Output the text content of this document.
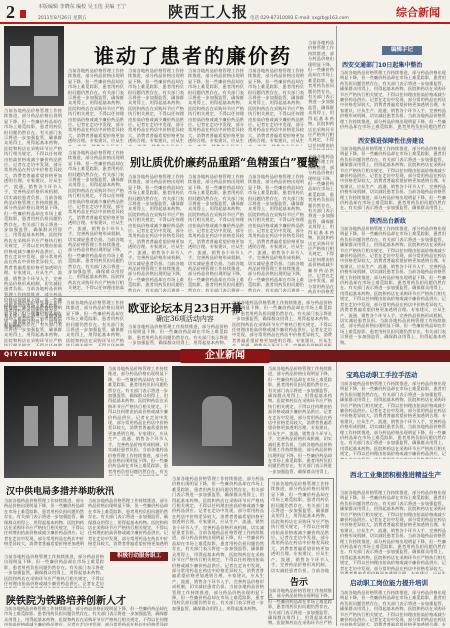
2	本版编辑 李晓东 编校 吴玉莲 美编 王宁	陕西工人报	综合新闻
电话 029-87310093 E-mail: sxgrb@163.com
2011年8月26日 星期五
谁动了患者的廉价药
当前各地药品价格管理工作持续推进，部分药品价格出现明显下降，但一些廉价药品却在市场上难觅踪影，患者用药负担问题仍然存在。有关部门表示将进一步加强监管，确保群众用得上、用得起基本药物。医院和药店在采购环节应严格执行相关规定，不得以任何理由抬高价格或减少廉价药品供应。记者在走访中发现，部分常用药品在药店中价格差异较大，消费者普遍希望价格更加透明合理。专家建议，应从生产、流通、销售各个环节入手，完善药品价格形成机制，切实减轻患者负担。当前各地药品价格管理工作持续推进，部分药品价格出现明显下降，但一些廉价药品却在市场上难觅踪影，患者用药负担问题仍然存在。有关部门表示将进一步加强监管，确保群众用得上、用得起基本药物。医院和药店在采购环节应严格执行相关规定，不得以任何理由抬高价格或减少廉价药品供应。记者在走访中发现，部分常用药品在药店中价格差异较大，消费者普遍希望价格更加透明合理。专家建议，应从生产、流通、销售各个环节入手，完善药品价格形成机制，切实减轻患者负担。当前各地药品价格管理工作持续推进，部分药品价格出现明显下降，但一些廉价药品却在市场上难觅踪影，患者用药负担问题仍然存在。有关部门表示将进一步加强监管，确保群众用得上、用得起基本药物。
当前各地药品价格管理工作持续推进，部分药品价格出现明显下降，但一些廉价药品却在市场上难觅踪影，患者用药负担问题仍然存在。有关部门表示将进一步加强监管，确保群众用得上、用得起基本药物。医院和药店在采购环节应严格执行相关规定，不得以任何理由抬高价格或减少廉价药品供应。记者在走访中发现，部分常用药品在药店中价格差异较大，消费者普遍希望价格更加透明合理。专家建议，应从生产、流通、销售各个环节入手，完善药品价格形成机制，切实减轻患者负担。当前各地药品价格管理工作持续推进，部分药品价格出现明显下降，但一些廉价药品却在市场上难觅踪影，患者用药负担问题仍然存在。有关部门表示将进一步加强监管，确保群众用得上、用得起基本药物。医院和药店在采购环节应严格执行相关规定，不得以任何理由抬高价格或减少廉价药品供应。记者在走访中发现，部分常用药品在药店中价格差异较大，消费者普遍希望价格更加透明合理。专家建议，应从生产、流通、销售各个环节入手，完善药品价格形成机制，切实减轻患者负担。当前各地药品价格管理工作持续推进，部分药品价格出现明显下降，但一些廉价药品却在市场上难觅踪影，患者用药负担问题仍然存在。有关部门表示将进一步加强监管，确保群众用得上、用得起基本药物。
当前各地药品价格管理工作持续推进，部分药品价格出现明显下降，但一些廉价药品却在市场上难觅踪影，患者用药负担问题仍然存在。有关部门表示将进一步加强监管，确保群众用得上、用得起基本药物。医院和药店在采购环节应严格执行相关规定，不得以任何理由抬高价格或减少廉价药品供应。记者在走访中发现，部分常用药品在药店中价格差异较大，消费者普遍希望价格更加透明合理。专家建议，应从生产、流通、销售各个环节入手，完善药品价格形成机制，切实减轻患者负担。当前各地药品价格管理工作持续推进，部分药品价格出现明显下降，但一些廉价药品却在市场上难觅踪影，患者用药负担问题仍然存在。有关部门表示将进一步加强监管，确保群众用得上、用得起基本药物。医院和药店在采购环节应严格执行相关规定，不得以任何理由抬高价格或减少廉价药品供应。记者在走访中发现，部分常用药品在药店中价格差异较大，消费者普遍希望价格更加透明合理。专家建议，应从生产、流通、销售各个环节入手，完善药品价格形成机制，切实减轻患者负担。当前各地药品价格管理工作持续推进，部分药品价格出现明显下降，但一些廉价药品却在市场上难觅踪影，患者用药负担问题仍然存在。有关部门表示将进一步加强监管，确保群众用得上、用得起基本药物。
当前各地药品价格管理工作持续推进，部分药品价格出现明显下降，但一些廉价药品却在市场上难觅踪影，患者用药负担问题仍然存在。有关部门表示将进一步加强监管，确保群众用得上、用得起基本药物。医院和药店在采购环节应严格执行相关规定，不得以任何理由抬高价格或减少廉价药品供应。记者在走访中发现，部分常用药品在药店中价格差异较大，消费者普遍希望价格更加透明合理。专家建议，应从生产、流通、销售各个环节入手，完善药品价格形成机制，切实减轻患者负担。当前各地药品价格管理工作持续推进，部分药品价格出现明显下降，但一些廉价药品却在市场上难觅踪影，患者用药负担问题仍然存在。有关部门表示将进一步加强监管，确保群众用得上、用得起基本药物。医院和药店在采购环节应严格执行相关规定，不得以任何理由抬高价格或减少廉价药品供应。记者在走访中发现，部分常用药品在药店中价格差异较大，消费者普遍希望价格更加透明合理。专家建议，应从生产、流通、销售各个环节入手，完善药品价格形成机制，切实减轻患者负担。当前各地药品价格管理工作持续推进，部分药品价格出现明显下降，但一些廉价药品却在市场上难觅踪影，患者用药负担问题仍然存在。有关部门表示将进一步加强监管，确保群众用得上、用得起基本药物。
当前各地药品价格管理工作持续推进，部分药品价格出现明显下降，但一些廉价药品却在市场上难觅踪影，患者用药负担问题仍然存在。有关部门表示将进一步加强监管，确保群众用得上、用得起基本药物。医院和药店在采购环节应严格执行相关规定，不得以任何理由抬高价格或减少廉价药品供应。记者在走访中发现，部分常用药品在药店中价格差异较大，消费者普遍希望价格更加透明合理。专家建议，应从生产、流通、销售各个环节入手，完善药品价格形成机制，切实减轻患者负担。当前各地药品价格管理工作持续推进，部分药品价格出现明显下降，但一些廉价药品却在市场上难觅踪影，患者用药负担问题仍然存在。有关部门表示将进一步加强监管，确保群众用得上、用得起基本药物。医院和药店在采购环节应严格执行相关规定，不得以任何理由抬高价格或减少廉价药品供应。记者在走访中发现，部分常用药品在药店中价格差异较大，消费者普遍希望价格更加透明合理。专家建议，应从生产、流通、销售各个环节入手，完善药品价格形成机制，切实减轻患者负担。当前各地药品价格管理工作持续推进，部分药品价格出现明显下降，但一些廉价药品却在市场上难觅踪影，患者用药负担问题仍然存在。有关部门表示将进一步加强监管，确保群众用得上、用得起基本药物。
当前各地药品价格管理工作持续推进，部分药品价格出现明显下降，但一些廉价药品却在市场上难觅踪影，患者用药负担问题仍然存在。有关部门表示将进一步加强监管，确保群众用得上、用得起基本药物。医院和药店在采购环节应严格执行相关规定，不得以任何理由抬高价格或减少廉价药品供应。记者在走访中发现，部分常用药品在药店中价格差异较大，消费者普遍希望价格更加透明合理。专家建议，应从生产、流通、销售各个环节入手，完善药品价格形成机制，切实减轻患者负担。当前各地药品价格管理工作持续推进，部分药品价格出现明显下降，但一些廉价药品却在市场上难觅踪影，患者用药负担问题仍然存在。有关部门表示将进一步加强监管，确保群众用得上、用得起基本药物。医院和药店在采购环节应严格执行相关规定，不得以任何理由抬高价格或减少廉价药品供应。记者在走访中发现，部分常用药品在药店中价格差异较大，消费者普遍希望价格更加透明合理。专家建议，应从生产、流通、销售各个环节入手，完善药品价格形成机制，切实减轻患者负担。当前各地药品价格管理工作持续推进，部分药品价格出现明显下降，但一些廉价药品却在市场上难觅踪影，患者用药负担问题仍然存在。有关部门表示将进一步加强监管，确保群众用得上、用得起基本药物。
别让质优价廉药品重蹈“鱼精蛋白”覆辙
当前各地药品价格管理工作持续推进，部分药品价格出现明显下降，但一些廉价药品却在市场上难觅踪影，患者用药负担问题仍然存在。有关部门表示将进一步加强监管，确保群众用得上、用得起基本药物。医院和药店在采购环节应严格执行相关规定，不得以任何理由抬高价格或减少廉价药品供应。记者在走访中发现，部分常用药品在药店中价格差异较大，消费者普遍希望价格更加透明合理。专家建议，应从生产、流通、销售各个环节入手，完善药品价格形成机制，切实减轻患者负担。当前各地药品价格管理工作持续推进，部分药品价格出现明显下降，但一些廉价药品却在市场上难觅踪影，患者用药负担问题仍然存在。有关部门表示将进一步加强监管，确保群众用得上、用得起基本药物。医院和药店在采购环节应严格执行相关规定，不得以任何理由抬高价格或减少廉价药品供应。记者在走访中发现，部分常用药品在药店中价格差异较大，消费者普遍希望价格更加透明合理。专家建议，应从生产、流通、销售各个环节入手，完善药品价格形成机制，切实减轻患者负担。当前各地药品价格管理工作持续推进，部分药品价格出现明显下降，但一些廉价药品却在市场上难觅踪影，患者用药负担问题仍然存在。有关部门表示将进一步加强监管，确保群众用得上、用得起基本药物。
当前各地药品价格管理工作持续推进，部分药品价格出现明显下降，但一些廉价药品却在市场上难觅踪影，患者用药负担问题仍然存在。有关部门表示将进一步加强监管，确保群众用得上、用得起基本药物。医院和药店在采购环节应严格执行相关规定，不得以任何理由抬高价格或减少廉价药品供应。记者在走访中发现，部分常用药品在药店中价格差异较大，消费者普遍希望价格更加透明合理。专家建议，应从生产、流通、销售各个环节入手，完善药品价格形成机制，切实减轻患者负担。当前各地药品价格管理工作持续推进，部分药品价格出现明显下降，但一些廉价药品却在市场上难觅踪影，患者用药负担问题仍然存在。有关部门表示将进一步加强监管，确保群众用得上、用得起基本药物。医院和药店在采购环节应严格执行相关规定，不得以任何理由抬高价格或减少廉价药品供应。记者在走访中发现，部分常用药品在药店中价格差异较大，消费者普遍希望价格更加透明合理。专家建议，应从生产、流通、销售各个环节入手，完善药品价格形成机制，切实减轻患者负担。当前各地药品价格管理工作持续推进，部分药品价格出现明显下降，但一些廉价药品却在市场上难觅踪影，患者用药负担问题仍然存在。有关部门表示将进一步加强监管，确保群众用得上、用得起基本药物。
当前各地药品价格管理工作持续推进，部分药品价格出现明显下降，但一些廉价药品却在市场上难觅踪影，患者用药负担问题仍然存在。有关部门表示将进一步加强监管，确保群众用得上、用得起基本药物。医院和药店在采购环节应严格执行相关规定，不得以任何理由抬高价格或减少廉价药品供应。记者在走访中发现，部分常用药品在药店中价格差异较大，消费者普遍希望价格更加透明合理。专家建议，应从生产、流通、销售各个环节入手，完善药品价格形成机制，切实减轻患者负担。当前各地药品价格管理工作持续推进，部分药品价格出现明显下降，但一些廉价药品却在市场上难觅踪影，患者用药负担问题仍然存在。有关部门表示将进一步加强监管，确保群众用得上、用得起基本药物。医院和药店在采购环节应严格执行相关规定，不得以任何理由抬高价格或减少廉价药品供应。记者在走访中发现，部分常用药品在药店中价格差异较大，消费者普遍希望价格更加透明合理。专家建议，应从生产、流通、销售各个环节入手，完善药品价格形成机制，切实减轻患者负担。当前各地药品价格管理工作持续推进，部分药品价格出现明显下降，但一些廉价药品却在市场上难觅踪影，患者用药负担问题仍然存在。有关部门表示将进一步加强监管，确保群众用得上、用得起基本药物。
当前各地药品价格管理工作持续推进，部分药品价格出现明显下降，但一些廉价药品却在市场上难觅踪影，患者用药负担问题仍然存在。有关部门表示将进一步加强监管，确保群众用得上、用得起基本药物。医院和药店在采购环节应严格执行相关规定，不得以任何理由抬高价格或减少廉价药品供应。记者在走访中发现，部分常用药品在药店中价格差异较大，消费者普遍希望价格更加透明合理。专家建议，应从生产、流通、销售各个环节入手，完善药品价格形成机制，切实减轻患者负担。当前各地药品价格管理工作持续推进，部分药品价格出现明显下降，但一些廉价药品却在市场上难觅踪影，患者用药负担问题仍然存在。有关部门表示将进一步加强监管，确保群众用得上、用得起基本药物。医院和药店在采购环节应严格执行相关规定，不得以任何理由抬高价格或减少廉价药品供应。记者在走访中发现，部分常用药品在药店中价格差异较大，消费者普遍希望价格更加透明合理。专家建议，应从生产、流通、销售各个环节入手，完善药品价格形成机制，切实减轻患者负担。当前各地药品价格管理工作持续推进，部分药品价格出现明显下降，但一些廉价药品却在市场上难觅踪影，患者用药负担问题仍然存在。有关部门表示将进一步加强监管，确保群众用得上、用得起基本药物。
当前各地药品价格管理工作持续推进，部分药品价格出现明显下降，但一些廉价药品却在市场上难觅踪影，患者用药负担问题仍然存在。有关部门表示将进一步加强监管，确保群众用得上、用得起基本药物。医院和药店在采购环节应严格执行相关规定，不得以任何理由抬高价格或减少廉价药品供应。记者在走访中发现，部分常用药品在药店中价格差异较大，消费者普遍希望价格更加透明合理。专家建议，应从生产、流通、销售各个环节入手，完善药品价格形成机制，切实减轻患者负担。当前各地药品价格管理工作持续推进，部分药品价格出现明显下降，但一些廉价药品却在市场上难觅踪影，患者用药负担问题仍然存在。有关部门表示将进一步加强监管，确保群众用得上、用得起基本药物。医院和药店在采购环节应严格执行相关规定，不得以任何理由抬高价格或减少廉价药品供应。记者在走访中发现，部分常用药品在药店中价格差异较大，消费者普遍希望价格更加透明合理。专家建议，应从生产、流通、销售各个环节入手，完善药品价格形成机制，切实减轻患者负担。当前各地药品价格管理工作持续推进，部分药品价格出现明显下降，但一些廉价药品却在市场上难觅踪影，患者用药负担问题仍然存在。有关部门表示将进一步加强监管，确保群众用得上、用得起基本药物。
欧亚论坛本月23日开幕
确定36项活动内容
当前各地药品价格管理工作持续推进，部分药品价格出现明显下降，但一些廉价药品却在市场上难觅踪影，患者用药负担问题仍然存在。有关部门表示将进一步加强监管，确保群众用得上、用得起基本药物。医院和药店在采购环节应严格执行相关规定，不得以任何理由抬高价格或减少廉价药品供应。记者在走访中发现，部分常用药品在药店中价格差异较大，消费者普遍希望价格更加透明合理。专家建议，应从生产、流通、销售各个环节入手，完善药品价格形成机制，切实减轻患者负担。当前各地药品价格管理工作持续推进，部分药品价格出现明显下降，但一些廉价药品却在市场上难觅踪影，患者用药负担问题仍然存在。有关部门表示将进一步加强监管，确保群众用得上、用得起基本药物。医院和药店在采购环节应严格执行相关规定，不得以任何理由抬高价格或减少廉价药品供应。记者在走访中发现，部分常用药品在药店中价格差异较大，消费者普遍希望价格更加透明合理。专家建议，应从生产、流通、销售各个环节入手，完善药品价格形成机制，切实减轻患者负担。当前各地药品价格管理工作持续推进，部分药品价格出现明显下降，但一些廉价药品却在市场上难觅踪影，患者用药负担问题仍然存在。有关部门表示将进一步加强监管，确保群众用得上、用得起基本药物。
当前各地药品价格管理工作持续推进，部分药品价格出现明显下降，但一些廉价药品却在市场上难觅踪影，患者用药负担问题仍然存在。有关部门表示将进一步加强监管，确保群众用得上、用得起基本药物。医院和药店在采购环节应严格执行相关规定，不得以任何理由抬高价格或减少廉价药品供应。记者在走访中发现，部分常用药品在药店中价格差异较大，消费者普遍希望价格更加透明合理。专家建议，应从生产、流通、销售各个环节入手，完善药品价格形成机制，切实减轻患者负担。当前各地药品价格管理工作持续推进，部分药品价格出现明显下降，但一些廉价药品却在市场上难觅踪影，患者用药负担问题仍然存在。有关部门表示将进一步加强监管，确保群众用得上、用得起基本药物。医院和药店在采购环节应严格执行相关规定，不得以任何理由抬高价格或减少廉价药品供应。记者在走访中发现，部分常用药品在药店中价格差异较大，消费者普遍希望价格更加透明合理。专家建议，应从生产、流通、销售各个环节入手，完善药品价格形成机制，切实减轻患者负担。当前各地药品价格管理工作持续推进，部分药品价格出现明显下降，但一些廉价药品却在市场上难觅踪影，患者用药负担问题仍然存在。有关部门表示将进一步加强监管，确保群众用得上、用得起基本药物。
当前各地药品价格管理工作持续推进，部分药品价格出现明显下降，但一些廉价药品却在市场上难觅踪影，患者用药负担问题仍然存在。有关部门表示将进一步加强监管，确保群众用得上、用得起基本药物。医院和药店在采购环节应严格执行相关规定，不得以任何理由抬高价格或减少廉价药品供应。记者在走访中发现，部分常用药品在药店中价格差异较大，消费者普遍希望价格更加透明合理。专家建议，应从生产、流通、销售各个环节入手，完善药品价格形成机制，切实减轻患者负担。当前各地药品价格管理工作持续推进，部分药品价格出现明显下降，但一些廉价药品却在市场上难觅踪影，患者用药负担问题仍然存在。有关部门表示将进一步加强监管，确保群众用得上、用得起基本药物。医院和药店在采购环节应严格执行相关规定，不得以任何理由抬高价格或减少廉价药品供应。记者在走访中发现，部分常用药品在药店中价格差异较大，消费者普遍希望价格更加透明合理。专家建议，应从生产、流通、销售各个环节入手，完善药品价格形成机制，切实减轻患者负担。当前各地药品价格管理工作持续推进，部分药品价格出现明显下降，但一些廉价药品却在市场上难觅踪影，患者用药负担问题仍然存在。有关部门表示将进一步加强监管，确保群众用得上、用得起基本药物。
当前各地药品价格管理工作持续推进，部分药品价格出现明显下降，但一些廉价药品却在市场上难觅踪影，患者用药负担问题仍然存在。有关部门表示将进一步加强监管，确保群众用得上、用得起基本药物。医院和药店在采购环节应严格执行相关规定，不得以任何理由抬高价格或减少廉价药品供应。记者在走访中发现，部分常用药品在药店中价格差异较大，消费者普遍希望价格更加透明合理。专家建议，应从生产、流通、销售各个环节入手，完善药品价格形成机制，切实减轻患者负担。当前各地药品价格管理工作持续推进，部分药品价格出现明显下降，但一些廉价药品却在市场上难觅踪影，患者用药负担问题仍然存在。有关部门表示将进一步加强监管，确保群众用得上、用得起基本药物。医院和药店在采购环节应严格执行相关规定，不得以任何理由抬高价格或减少廉价药品供应。记者在走访中发现，部分常用药品在药店中价格差异较大，消费者普遍希望价格更加透明合理。专家建议，应从生产、流通、销售各个环节入手，完善药品价格形成机制，切实减轻患者负担。当前各地药品价格管理工作持续推进，部分药品价格出现明显下降，但一些廉价药品却在市场上难觅踪影，患者用药负担问题仍然存在。有关部门表示将进一步加强监管，确保群众用得上、用得起基本药物。
编辑手记
西安交通部门10日起集中整治
当前各地药品价格管理工作持续推进，部分药品价格出现明显下降，但一些廉价药品却在市场上难觅踪影，患者用药负担问题仍然存在。有关部门表示将进一步加强监管，确保群众用得上、用得起基本药物。医院和药店在采购环节应严格执行相关规定，不得以任何理由抬高价格或减少廉价药品供应。记者在走访中发现，部分常用药品在药店中价格差异较大，消费者普遍希望价格更加透明合理。专家建议，应从生产、流通、销售各个环节入手，完善药品价格形成机制，切实减轻患者负担。当前各地药品价格管理工作持续推进，部分药品价格出现明显下降，但一些廉价药品却在市场上难觅踪影，患者用药负担问题仍然存在。有关部门表示将进一步加强监管，确保群众用得上、用得起基本药物。医院和药店在采购环节应严格执行相关规定，不得以任何理由抬高价格或减少廉价药品供应。记者在走访中发现，部分常用药品在药店中价格差异较大，消费者普遍希望价格更加透明合理。专家建议，应从生产、流通、销售各个环节入手，完善药品价格形成机制，切实减轻患者负担。当前各地药品价格管理工作持续推进，部分药品价格出现明显下降，但一些廉价药品却在市场上难觅踪影，患者用药负担问题仍然存在。有关部门表示将进一步加强监管，确保群众用得上、用得起基本药物。
西安推进保障性住房建设
当前各地药品价格管理工作持续推进，部分药品价格出现明显下降，但一些廉价药品却在市场上难觅踪影，患者用药负担问题仍然存在。有关部门表示将进一步加强监管，确保群众用得上、用得起基本药物。医院和药店在采购环节应严格执行相关规定，不得以任何理由抬高价格或减少廉价药品供应。记者在走访中发现，部分常用药品在药店中价格差异较大，消费者普遍希望价格更加透明合理。专家建议，应从生产、流通、销售各个环节入手，完善药品价格形成机制，切实减轻患者负担。当前各地药品价格管理工作持续推进，部分药品价格出现明显下降，但一些廉价药品却在市场上难觅踪影，患者用药负担问题仍然存在。有关部门表示将进一步加强监管，确保群众用得上、用得起基本药物。医院和药店在采购环节应严格执行相关规定，不得以任何理由抬高价格或减少廉价药品供应。记者在走访中发现，部分常用药品在药店中价格差异较大，消费者普遍希望价格更加透明合理。专家建议，应从生产、流通、销售各个环节入手，完善药品价格形成机制，切实减轻患者负担。当前各地药品价格管理工作持续推进，部分药品价格出现明显下降，但一些廉价药品却在市场上难觅踪影，患者用药负担问题仍然存在。有关部门表示将进一步加强监管，确保群众用得上、用得起基本药物。
陕西出台新政
当前各地药品价格管理工作持续推进，部分药品价格出现明显下降，但一些廉价药品却在市场上难觅踪影，患者用药负担问题仍然存在。有关部门表示将进一步加强监管，确保群众用得上、用得起基本药物。医院和药店在采购环节应严格执行相关规定，不得以任何理由抬高价格或减少廉价药品供应。记者在走访中发现，部分常用药品在药店中价格差异较大，消费者普遍希望价格更加透明合理。专家建议，应从生产、流通、销售各个环节入手，完善药品价格形成机制，切实减轻患者负担。当前各地药品价格管理工作持续推进，部分药品价格出现明显下降，但一些廉价药品却在市场上难觅踪影，患者用药负担问题仍然存在。有关部门表示将进一步加强监管，确保群众用得上、用得起基本药物。医院和药店在采购环节应严格执行相关规定，不得以任何理由抬高价格或减少廉价药品供应。记者在走访中发现，部分常用药品在药店中价格差异较大，消费者普遍希望价格更加透明合理。专家建议，应从生产、流通、销售各个环节入手，完善药品价格形成机制，切实减轻患者负担。当前各地药品价格管理工作持续推进，部分药品价格出现明显下降，但一些廉价药品却在市场上难觅踪影，患者用药负担问题仍然存在。有关部门表示将进一步加强监管，确保群众用得上、用得起基本药物。
QIYEXINWEN	企业新闻
当前各地药品价格管理工作持续推进，部分药品价格出现明显下降，但一些廉价药品却在市场上难觅踪影，患者用药负担问题仍然存在。有关部门表示将进一步加强监管，确保群众用得上、用得起基本药物。医院和药店在采购环节应严格执行相关规定，不得以任何理由抬高价格或减少廉价药品供应。记者在走访中发现，部分常用药品在药店中价格差异较大，消费者普遍希望价格更加透明合理。专家建议，应从生产、流通、销售各个环节入手，完善药品价格形成机制，切实减轻患者负担。当前各地药品价格管理工作持续推进，部分药品价格出现明显下降，但一些廉价药品却在市场上难觅踪影，患者用药负担问题仍然存在。有关部门表示将进一步加强监管，确保群众用得上、用得起基本药物。医院和药店在采购环节应严格执行相关规定，不得以任何理由抬高价格或减少廉价药品供应。记者在走访中发现，部分常用药品在药店中价格差异较大，消费者普遍希望价格更加透明合理。专家建议，应从生产、流通、销售各个环节入手，完善药品价格形成机制，切实减轻患者负担。当前各地药品价格管理工作持续推进，部分药品价格出现明显下降，但一些廉价药品却在市场上难觅踪影，患者用药负担问题仍然存在。有关部门表示将进一步加强监管，确保群众用得上、用得起基本药物。
当前各地药品价格管理工作持续推进，部分药品价格出现明显下降，但一些廉价药品却在市场上难觅踪影，患者用药负担问题仍然存在。有关部门表示将进一步加强监管，确保群众用得上、用得起基本药物。医院和药店在采购环节应严格执行相关规定，不得以任何理由抬高价格或减少廉价药品供应。记者在走访中发现，部分常用药品在药店中价格差异较大，消费者普遍希望价格更加透明合理。专家建议，应从生产、流通、销售各个环节入手，完善药品价格形成机制，切实减轻患者负担。当前各地药品价格管理工作持续推进，部分药品价格出现明显下降，但一些廉价药品却在市场上难觅踪影，患者用药负担问题仍然存在。有关部门表示将进一步加强监管，确保群众用得上、用得起基本药物。医院和药店在采购环节应严格执行相关规定，不得以任何理由抬高价格或减少廉价药品供应。记者在走访中发现，部分常用药品在药店中价格差异较大，消费者普遍希望价格更加透明合理。专家建议，应从生产、流通、销售各个环节入手，完善药品价格形成机制，切实减轻患者负担。当前各地药品价格管理工作持续推进，部分药品价格出现明显下降，但一些廉价药品却在市场上难觅踪影，患者用药负担问题仍然存在。有关部门表示将进一步加强监管，确保群众用得上、用得起基本药物。
汉中供电局多措并举助秋汛
当前各地药品价格管理工作持续推进，部分药品价格出现明显下降，但一些廉价药品却在市场上难觅踪影，患者用药负担问题仍然存在。有关部门表示将进一步加强监管，确保群众用得上、用得起基本药物。医院和药店在采购环节应严格执行相关规定，不得以任何理由抬高价格或减少廉价药品供应。记者在走访中发现，部分常用药品在药店中价格差异较大，消费者普遍希望价格更加透明合理。专家建议，应从生产、流通、销售各个环节入手，完善药品价格形成机制，切实减轻患者负担。当前各地药品价格管理工作持续推进，部分药品价格出现明显下降，但一些廉价药品却在市场上难觅踪影，患者用药负担问题仍然存在。有关部门表示将进一步加强监管，确保群众用得上、用得起基本药物。医院和药店在采购环节应严格执行相关规定，不得以任何理由抬高价格或减少廉价药品供应。记者在走访中发现，部分常用药品在药店中价格差异较大，消费者普遍希望价格更加透明合理。专家建议，应从生产、流通、销售各个环节入手，完善药品价格形成机制，切实减轻患者负担。当前各地药品价格管理工作持续推进，部分药品价格出现明显下降，但一些廉价药品却在市场上难觅踪影，患者用药负担问题仍然存在。有关部门表示将进一步加强监管，确保群众用得上、用得起基本药物。
当前各地药品价格管理工作持续推进，部分药品价格出现明显下降，但一些廉价药品却在市场上难觅踪影，患者用药负担问题仍然存在。有关部门表示将进一步加强监管，确保群众用得上、用得起基本药物。医院和药店在采购环节应严格执行相关规定，不得以任何理由抬高价格或减少廉价药品供应。记者在走访中发现，部分常用药品在药店中价格差异较大，消费者普遍希望价格更加透明合理。专家建议，应从生产、流通、销售各个环节入手，完善药品价格形成机制，切实减轻患者负担。当前各地药品价格管理工作持续推进，部分药品价格出现明显下降，但一些廉价药品却在市场上难觅踪影，患者用药负担问题仍然存在。有关部门表示将进一步加强监管，确保群众用得上、用得起基本药物。医院和药店在采购环节应严格执行相关规定，不得以任何理由抬高价格或减少廉价药品供应。记者在走访中发现，部分常用药品在药店中价格差异较大，消费者普遍希望价格更加透明合理。专家建议，应从生产、流通、销售各个环节入手，完善药品价格形成机制，切实减轻患者负担。当前各地药品价格管理工作持续推进，部分药品价格出现明显下降，但一些廉价药品却在市场上难觅踪影，患者用药负担问题仍然存在。有关部门表示将进一步加强监管，确保群众用得上、用得起基本药物。
积极行动服务职工
当前各地药品价格管理工作持续推进，部分药品价格出现明显下降，但一些廉价药品却在市场上难觅踪影，患者用药负担问题仍然存在。有关部门表示将进一步加强监管，确保群众用得上、用得起基本药物。医院和药店在采购环节应严格执行相关规定，不得以任何理由抬高价格或减少廉价药品供应。记者在走访中发现，部分常用药品在药店中价格差异较大，消费者普遍希望价格更加透明合理。专家建议，应从生产、流通、销售各个环节入手，完善药品价格形成机制，切实减轻患者负担。当前各地药品价格管理工作持续推进，部分药品价格出现明显下降，但一些廉价药品却在市场上难觅踪影，患者用药负担问题仍然存在。有关部门表示将进一步加强监管，确保群众用得上、用得起基本药物。医院和药店在采购环节应严格执行相关规定，不得以任何理由抬高价格或减少廉价药品供应。记者在走访中发现，部分常用药品在药店中价格差异较大，消费者普遍希望价格更加透明合理。专家建议，应从生产、流通、销售各个环节入手，完善药品价格形成机制，切实减轻患者负担。当前各地药品价格管理工作持续推进，部分药品价格出现明显下降，但一些廉价药品却在市场上难觅踪影，患者用药负担问题仍然存在。有关部门表示将进一步加强监管，确保群众用得上、用得起基本药物。
陕铁院为铁路培养创新人才
当前各地药品价格管理工作持续推进，部分药品价格出现明显下降，但一些廉价药品却在市场上难觅踪影，患者用药负担问题仍然存在。有关部门表示将进一步加强监管，确保群众用得上、用得起基本药物。医院和药店在采购环节应严格执行相关规定，不得以任何理由抬高价格或减少廉价药品供应。记者在走访中发现，部分常用药品在药店中价格差异较大，消费者普遍希望价格更加透明合理。专家建议，应从生产、流通、销售各个环节入手，完善药品价格形成机制，切实减轻患者负担。当前各地药品价格管理工作持续推进，部分药品价格出现明显下降，但一些廉价药品却在市场上难觅踪影，患者用药负担问题仍然存在。有关部门表示将进一步加强监管，确保群众用得上、用得起基本药物。医院和药店在采购环节应严格执行相关规定，不得以任何理由抬高价格或减少廉价药品供应。记者在走访中发现，部分常用药品在药店中价格差异较大，消费者普遍希望价格更加透明合理。专家建议，应从生产、流通、销售各个环节入手，完善药品价格形成机制，切实减轻患者负担。当前各地药品价格管理工作持续推进，部分药品价格出现明显下降，但一些廉价药品却在市场上难觅踪影，患者用药负担问题仍然存在。有关部门表示将进一步加强监管，确保群众用得上、用得起基本药物。
当前各地药品价格管理工作持续推进，部分药品价格出现明显下降，但一些廉价药品却在市场上难觅踪影，患者用药负担问题仍然存在。有关部门表示将进一步加强监管，确保群众用得上、用得起基本药物。医院和药店在采购环节应严格执行相关规定，不得以任何理由抬高价格或减少廉价药品供应。记者在走访中发现，部分常用药品在药店中价格差异较大，消费者普遍希望价格更加透明合理。专家建议，应从生产、流通、销售各个环节入手，完善药品价格形成机制，切实减轻患者负担。当前各地药品价格管理工作持续推进，部分药品价格出现明显下降，但一些廉价药品却在市场上难觅踪影，患者用药负担问题仍然存在。有关部门表示将进一步加强监管，确保群众用得上、用得起基本药物。医院和药店在采购环节应严格执行相关规定，不得以任何理由抬高价格或减少廉价药品供应。记者在走访中发现，部分常用药品在药店中价格差异较大，消费者普遍希望价格更加透明合理。专家建议，应从生产、流通、销售各个环节入手，完善药品价格形成机制，切实减轻患者负担。当前各地药品价格管理工作持续推进，部分药品价格出现明显下降，但一些廉价药品却在市场上难觅踪影，患者用药负担问题仍然存在。有关部门表示将进一步加强监管，确保群众用得上、用得起基本药物。
当前各地药品价格管理工作持续推进，部分药品价格出现明显下降，但一些廉价药品却在市场上难觅踪影，患者用药负担问题仍然存在。有关部门表示将进一步加强监管，确保群众用得上、用得起基本药物。医院和药店在采购环节应严格执行相关规定，不得以任何理由抬高价格或减少廉价药品供应。记者在走访中发现，部分常用药品在药店中价格差异较大，消费者普遍希望价格更加透明合理。专家建议，应从生产、流通、销售各个环节入手，完善药品价格形成机制，切实减轻患者负担。当前各地药品价格管理工作持续推进，部分药品价格出现明显下降，但一些廉价药品却在市场上难觅踪影，患者用药负担问题仍然存在。有关部门表示将进一步加强监管，确保群众用得上、用得起基本药物。医院和药店在采购环节应严格执行相关规定，不得以任何理由抬高价格或减少廉价药品供应。记者在走访中发现，部分常用药品在药店中价格差异较大，消费者普遍希望价格更加透明合理。专家建议，应从生产、流通、销售各个环节入手，完善药品价格形成机制，切实减轻患者负担。当前各地药品价格管理工作持续推进，部分药品价格出现明显下降，但一些廉价药品却在市场上难觅踪影，患者用药负担问题仍然存在。有关部门表示将进一步加强监管，确保群众用得上、用得起基本药物。
告示
当前各地药品价格管理工作持续推进，部分药品价格出现明显下降，但一些廉价药品却在市场上难觅踪影，患者用药负担问题仍然存在。有关部门表示将进一步加强监管，确保群众用得上、用得起基本药物。医院和药店在采购环节应严格执行相关规定，不得以任何理由抬高价格或减少廉价药品供应。记者在走访中发现，部分常用药品在药店中价格差异较大，消费者普遍希望价格更加透明合理。专家建议，应从生产、流通、销售各个环节入手，完善药品价格形成机制，切实减轻患者负担。当前各地药品价格管理工作持续推进，部分药品价格出现明显下降，但一些廉价药品却在市场上难觅踪影，患者用药负担问题仍然存在。有关部门表示将进一步加强监管，确保群众用得上、用得起基本药物。医院和药店在采购环节应严格执行相关规定，不得以任何理由抬高价格或减少廉价药品供应。记者在走访中发现，部分常用药品在药店中价格差异较大，消费者普遍希望价格更加透明合理。专家建议，应从生产、流通、销售各个环节入手，完善药品价格形成机制，切实减轻患者负担。当前各地药品价格管理工作持续推进，部分药品价格出现明显下降，但一些廉价药品却在市场上难觅踪影，患者用药负担问题仍然存在。有关部门表示将进一步加强监管，确保群众用得上、用得起基本药物。
宝鸡启动职工手拉手活动
当前各地药品价格管理工作持续推进，部分药品价格出现明显下降，但一些廉价药品却在市场上难觅踪影，患者用药负担问题仍然存在。有关部门表示将进一步加强监管，确保群众用得上、用得起基本药物。医院和药店在采购环节应严格执行相关规定，不得以任何理由抬高价格或减少廉价药品供应。记者在走访中发现，部分常用药品在药店中价格差异较大，消费者普遍希望价格更加透明合理。专家建议，应从生产、流通、销售各个环节入手，完善药品价格形成机制，切实减轻患者负担。当前各地药品价格管理工作持续推进，部分药品价格出现明显下降，但一些廉价药品却在市场上难觅踪影，患者用药负担问题仍然存在。有关部门表示将进一步加强监管，确保群众用得上、用得起基本药物。医院和药店在采购环节应严格执行相关规定，不得以任何理由抬高价格或减少廉价药品供应。记者在走访中发现，部分常用药品在药店中价格差异较大，消费者普遍希望价格更加透明合理。专家建议，应从生产、流通、销售各个环节入手，完善药品价格形成机制，切实减轻患者负担。当前各地药品价格管理工作持续推进，部分药品价格出现明显下降，但一些廉价药品却在市场上难觅踪影，患者用药负担问题仍然存在。有关部门表示将进一步加强监管，确保群众用得上、用得起基本药物。
西北工业集团积极推进精益生产
当前各地药品价格管理工作持续推进，部分药品价格出现明显下降，但一些廉价药品却在市场上难觅踪影，患者用药负担问题仍然存在。有关部门表示将进一步加强监管，确保群众用得上、用得起基本药物。医院和药店在采购环节应严格执行相关规定，不得以任何理由抬高价格或减少廉价药品供应。记者在走访中发现，部分常用药品在药店中价格差异较大，消费者普遍希望价格更加透明合理。专家建议，应从生产、流通、销售各个环节入手，完善药品价格形成机制，切实减轻患者负担。当前各地药品价格管理工作持续推进，部分药品价格出现明显下降，但一些廉价药品却在市场上难觅踪影，患者用药负担问题仍然存在。有关部门表示将进一步加强监管，确保群众用得上、用得起基本药物。医院和药店在采购环节应严格执行相关规定，不得以任何理由抬高价格或减少廉价药品供应。记者在走访中发现，部分常用药品在药店中价格差异较大，消费者普遍希望价格更加透明合理。专家建议，应从生产、流通、销售各个环节入手，完善药品价格形成机制，切实减轻患者负担。当前各地药品价格管理工作持续推进，部分药品价格出现明显下降，但一些廉价药品却在市场上难觅踪影，患者用药负担问题仍然存在。有关部门表示将进一步加强监管，确保群众用得上、用得起基本药物。
启动职工岗位能力提升培训
当前各地药品价格管理工作持续推进，部分药品价格出现明显下降，但一些廉价药品却在市场上难觅踪影，患者用药负担问题仍然存在。有关部门表示将进一步加强监管，确保群众用得上、用得起基本药物。医院和药店在采购环节应严格执行相关规定，不得以任何理由抬高价格或减少廉价药品供应。记者在走访中发现，部分常用药品在药店中价格差异较大，消费者普遍希望价格更加透明合理。专家建议，应从生产、流通、销售各个环节入手，完善药品价格形成机制，切实减轻患者负担。当前各地药品价格管理工作持续推进，部分药品价格出现明显下降，但一些廉价药品却在市场上难觅踪影，患者用药负担问题仍然存在。有关部门表示将进一步加强监管，确保群众用得上、用得起基本药物。医院和药店在采购环节应严格执行相关规定，不得以任何理由抬高价格或减少廉价药品供应。记者在走访中发现，部分常用药品在药店中价格差异较大，消费者普遍希望价格更加透明合理。专家建议，应从生产、流通、销售各个环节入手，完善药品价格形成机制，切实减轻患者负担。当前各地药品价格管理工作持续推进，部分药品价格出现明显下降，但一些廉价药品却在市场上难觅踪影，患者用药负担问题仍然存在。有关部门表示将进一步加强监管，确保群众用得上、用得起基本药物。
